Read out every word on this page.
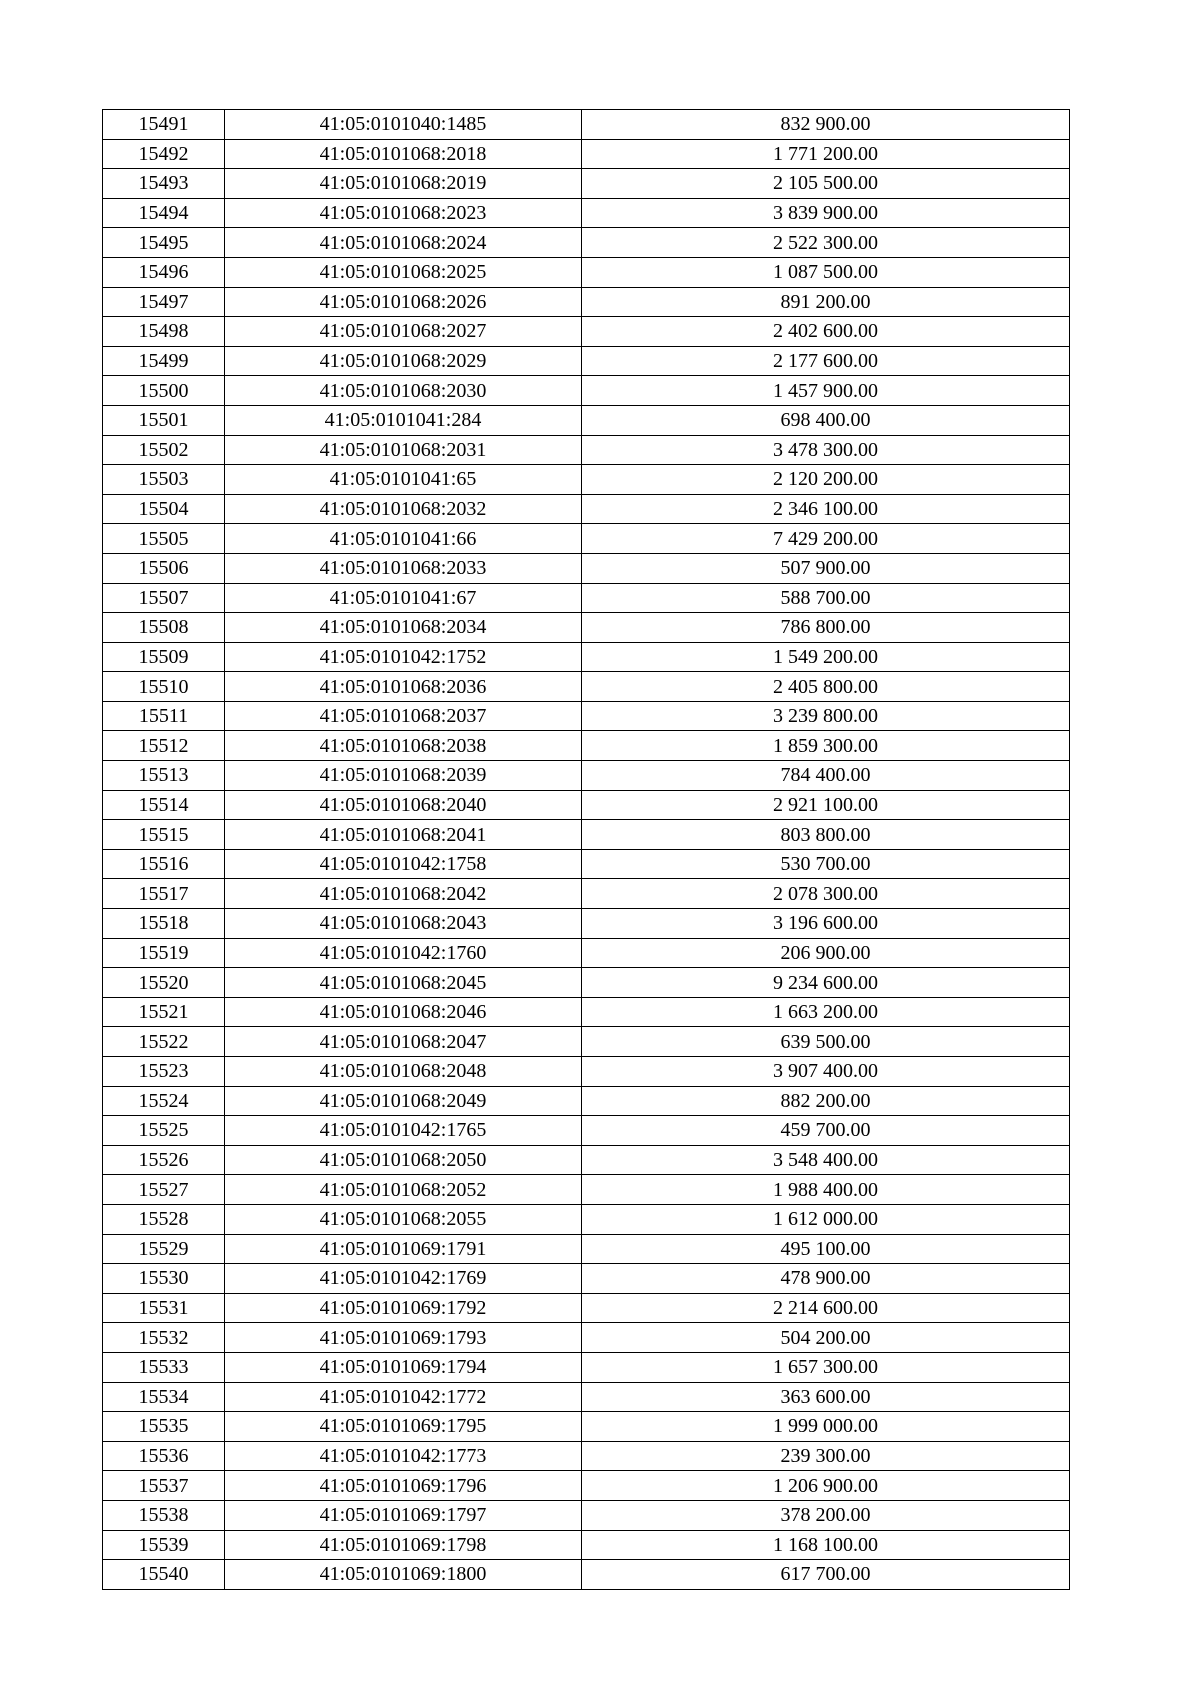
15491	41:05:0101040:1485	832 900.00
15492	41:05:0101068:2018	1 771 200.00
15493	41:05:0101068:2019	2 105 500.00
15494	41:05:0101068:2023	3 839 900.00
15495	41:05:0101068:2024	2 522 300.00
15496	41:05:0101068:2025	1 087 500.00
15497	41:05:0101068:2026	891 200.00
15498	41:05:0101068:2027	2 402 600.00
15499	41:05:0101068:2029	2 177 600.00
15500	41:05:0101068:2030	1 457 900.00
15501	41:05:0101041:284	698 400.00
15502	41:05:0101068:2031	3 478 300.00
15503	41:05:0101041:65	2 120 200.00
15504	41:05:0101068:2032	2 346 100.00
15505	41:05:0101041:66	7 429 200.00
15506	41:05:0101068:2033	507 900.00
15507	41:05:0101041:67	588 700.00
15508	41:05:0101068:2034	786 800.00
15509	41:05:0101042:1752	1 549 200.00
15510	41:05:0101068:2036	2 405 800.00
15511	41:05:0101068:2037	3 239 800.00
15512	41:05:0101068:2038	1 859 300.00
15513	41:05:0101068:2039	784 400.00
15514	41:05:0101068:2040	2 921 100.00
15515	41:05:0101068:2041	803 800.00
15516	41:05:0101042:1758	530 700.00
15517	41:05:0101068:2042	2 078 300.00
15518	41:05:0101068:2043	3 196 600.00
15519	41:05:0101042:1760	206 900.00
15520	41:05:0101068:2045	9 234 600.00
15521	41:05:0101068:2046	1 663 200.00
15522	41:05:0101068:2047	639 500.00
15523	41:05:0101068:2048	3 907 400.00
15524	41:05:0101068:2049	882 200.00
15525	41:05:0101042:1765	459 700.00
15526	41:05:0101068:2050	3 548 400.00
15527	41:05:0101068:2052	1 988 400.00
15528	41:05:0101068:2055	1 612 000.00
15529	41:05:0101069:1791	495 100.00
15530	41:05:0101042:1769	478 900.00
15531	41:05:0101069:1792	2 214 600.00
15532	41:05:0101069:1793	504 200.00
15533	41:05:0101069:1794	1 657 300.00
15534	41:05:0101042:1772	363 600.00
15535	41:05:0101069:1795	1 999 000.00
15536	41:05:0101042:1773	239 300.00
15537	41:05:0101069:1796	1 206 900.00
15538	41:05:0101069:1797	378 200.00
15539	41:05:0101069:1798	1 168 100.00
15540	41:05:0101069:1800	617 700.00
